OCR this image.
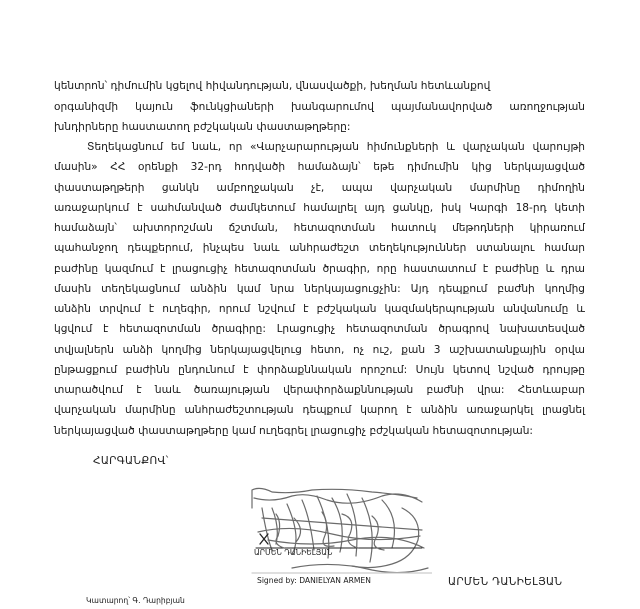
կենտրոն՝ դիմումին կցելով հիվանդության, վնասվածքի, խեղման հետևանքով
օրգանիզմի կայուն ֆունկցիաների խանգարումով պայմանավորված առողջության
խնդիրները հաստատող բժշկական փաստաթղթերը:
Տեղեկացնում եմ նաև, որ «Վարչարարության հիմունքների և վարչական վարույթի
մասին» ՀՀ օրենքի 32-րդ հոդվածի համաձայն՝ եթե դիմումին կից ներկայացված
փաստաթղթերի ցանկն ամբողջական չէ, ապա վարչական մարմինը դիմողին
առաջարկում է սահմանված ժամկետում համալրել այդ ցանկը, իսկ Կարգի 18-րդ կետի
համաձայն՝ ախտորոշման ճշտման, հետազոտման հատուկ մեթոդների կիրառում
պահանջող դեպքերում, ինչպես նաև անհրաժեշտ տեղեկություններ ստանալու համար
բաժինը կազմում է լրացուցիչ հետազոտման ծրագիր, որը հաստատում է բաժինը և դրա
մասին տեղեկացնում անձին կամ նրա ներկայացուցչին: Այդ դեպքում բաժնի կողմից
անձին տրվում է ուղեգիր, որում նշվում է բժշկական կազմակերպության անվանումը և
կցվում է հետազոտման ծրագիրը: Լրացուցիչ հետազոտման ծրագրով նախատեսված
տվյալներն անձի կողմից ներկայացվելուց հետո, ոչ ուշ, քան 3 աշխատանքային օրվա
ընթացքում բաժինն ընդունում է փորձաքննական որոշում: Սույն կետով նշված դրույթը
տարածվում է նաև ծառայության վերափորձաքննության բաժնի վրա: Հետևաբար
վարչական մարմինը անհրաժեշտության դեպքում կարող է անձին առաջարկել լրացնել
ներկայացված փաստաթղթերը կամ ուղեգրել լրացուցիչ բժշկական հետազոտության:
ՀԱՐԳԱՆՔՈՎ՝
ԱՐՄԵՆ ԴԱՆԻԵԼՅԱՆ
Signed by: DANIELYAN ARMEN	ԱՐՄԵՆ ԴԱՆԻԵԼՅԱՆ
Կատարող՝ Գ. Դարիբյան
